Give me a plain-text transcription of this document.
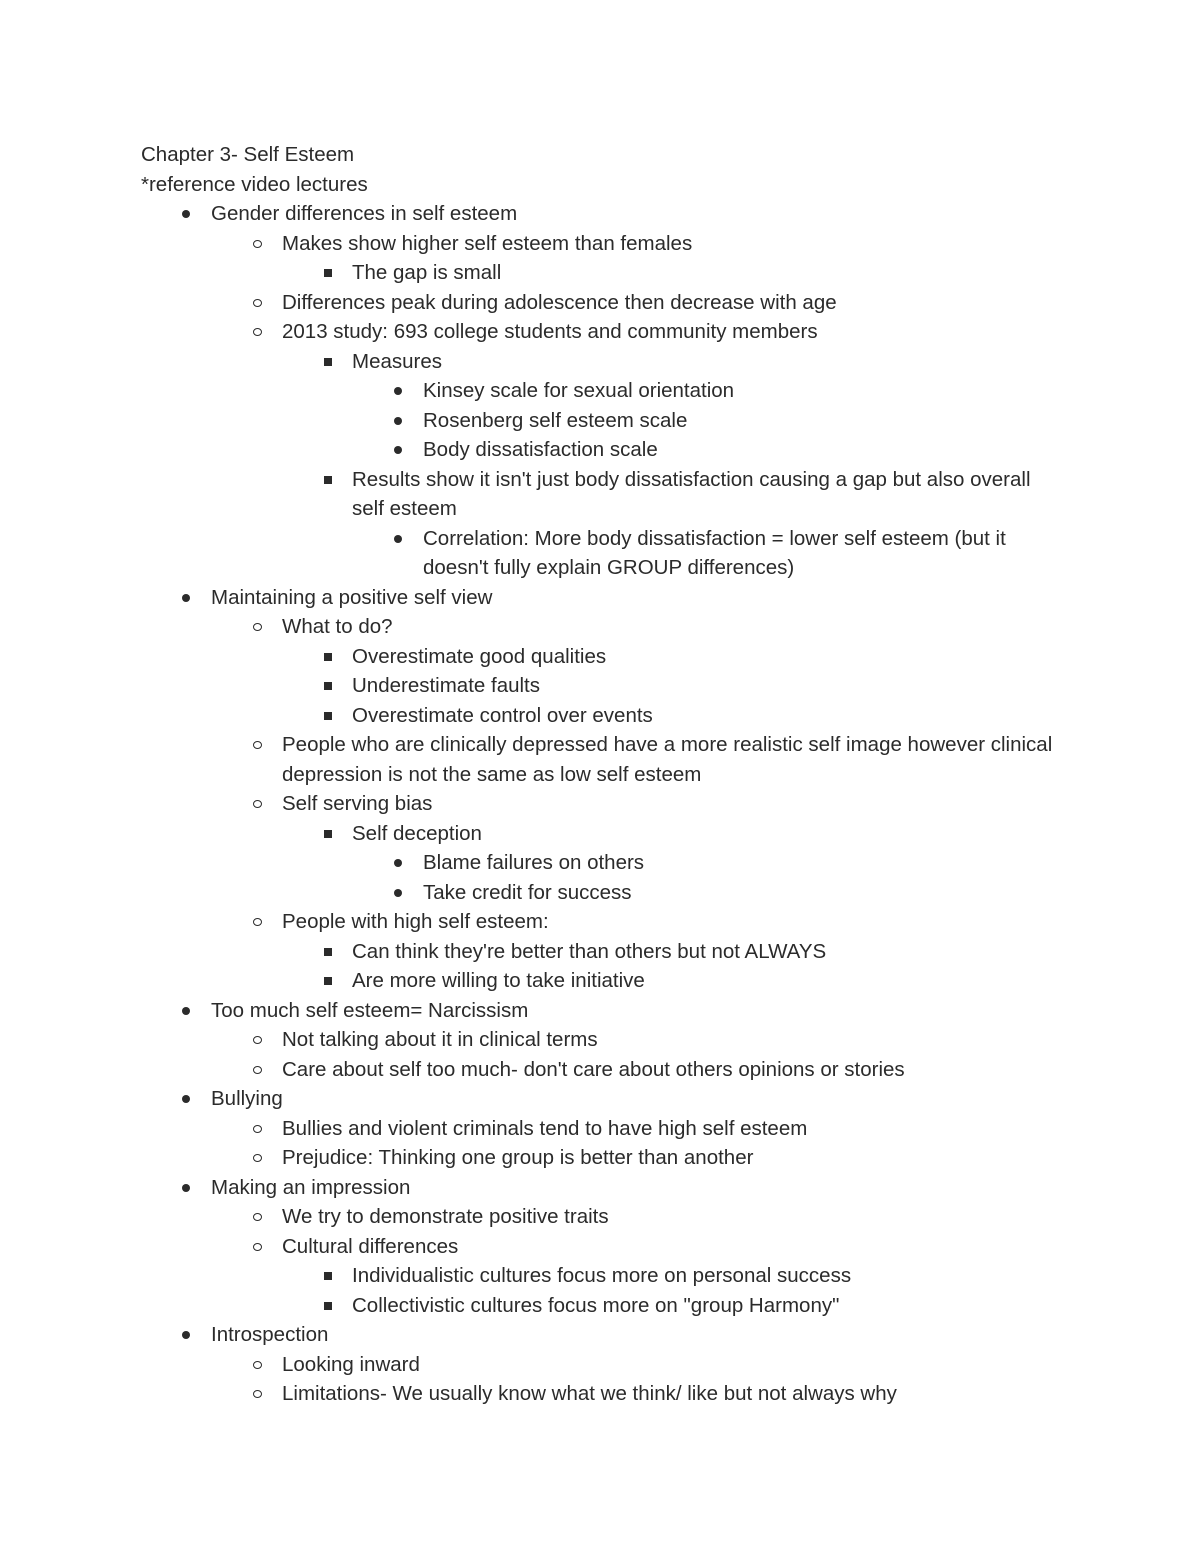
Chapter 3- Self Esteem
*reference video lectures
Gender differences in self esteem
Makes show higher self esteem than females
The gap is small
Differences peak during adolescence then decrease with age
2013 study: 693 college students and community members
Measures
Kinsey scale for sexual orientation
Rosenberg self esteem scale
Body dissatisfaction scale
Results show it isn't just body dissatisfaction causing a gap but also overall self esteem
Correlation: More body dissatisfaction = lower self esteem (but it doesn't fully explain GROUP differences)
Maintaining a positive self view
What to do?
Overestimate good qualities
Underestimate faults
Overestimate control over events
People who are clinically depressed have a more realistic self image however clinical depression is not the same as low self esteem
Self serving bias
Self deception
Blame failures on others
Take credit for success
People with high self esteem:
Can think they're better than others but not ALWAYS
Are more willing to take initiative
Too much self esteem= Narcissism
Not talking about it in clinical terms
Care about self too much- don't care about others opinions or stories
Bullying
Bullies and violent criminals tend to have high self esteem
Prejudice: Thinking one group is better than another
Making an impression
We try to demonstrate positive traits
Cultural differences
Individualistic cultures focus more on personal success
Collectivistic cultures focus more on "group Harmony"
Introspection
Looking inward
Limitations- We usually know what we think/ like but not always why
